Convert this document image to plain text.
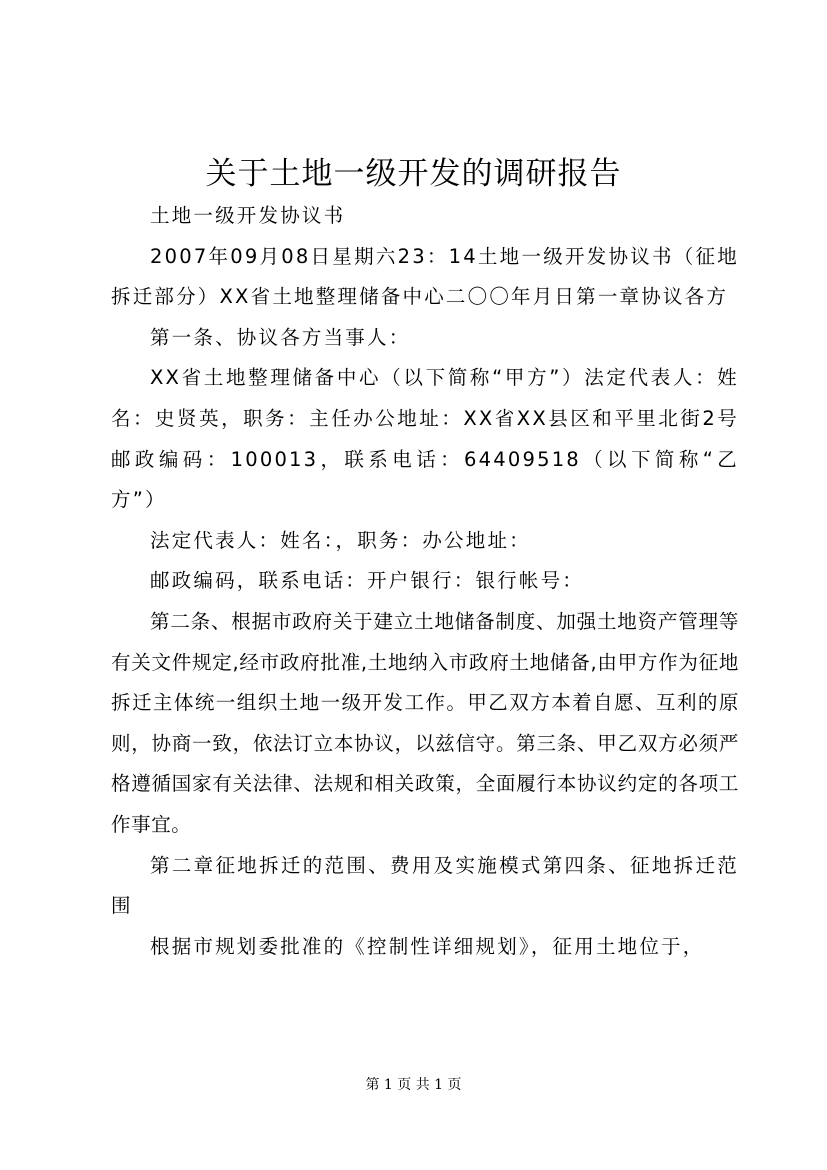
关于土地一级开发的调研报告

土地一级开发协议书

2007年09月08日星期六23：14土地一级开发协议书（征地拆迁部分）XX省土地整理储备中心二〇〇年月日第一章协议各方

第一条、协议各方当事人：

XX省土地整理储备中心（以下简称“甲方”）法定代表人：姓名：史贤英，职务：主任办公地址：XX省XX县区和平里北街2号邮政编码：100013，联系电话：64409518（以下简称“乙方”）

法定代表人：姓名：，职务：办公地址：

邮政编码，联系电话：开户银行：银行帐号：

第二条、根据市政府关于建立土地储备制度、加强土地资产管理等有关文件规定,经市政府批准,土地纳入市政府土地储备,由甲方作为征地拆迁主体统一组织土地一级开发工作。甲乙双方本着自愿、互利的原则，协商一致，依法订立本协议，以兹信守。第三条、甲乙双方必须严格遵循国家有关法律、法规和相关政策，全面履行本协议约定的各项工作事宜。

第二章征地拆迁的范围、费用及实施模式第四条、征地拆迁范围

根据市规划委批准的《控制性详细规划》，征用土地位于，

第 1 页 共 1 页
